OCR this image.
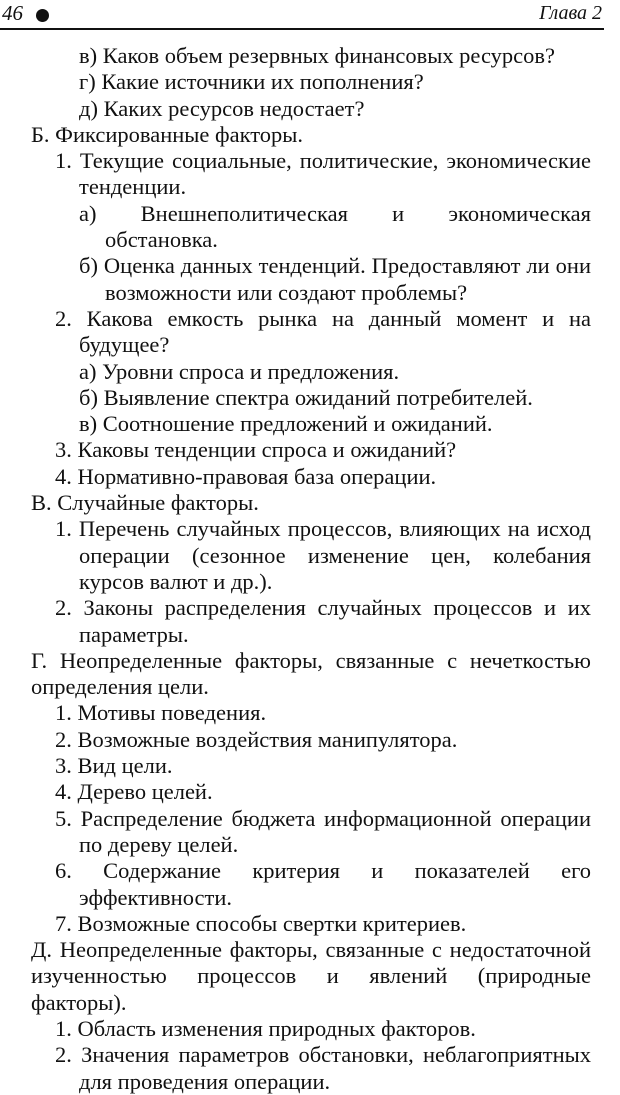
46	Глава 2
в) Каков объем резервных финансовых ресурсов?
г) Какие источники их пополнения?
д) Каких ресурсов недостает?
Б. Фиксированные факторы.
1. Текущие социальные, политические, экономические тенденции.
а) Внешнеполитическая и экономическая обстановка.
б) Оценка данных тенденций. Предоставляют ли они возможности или создают проблемы?
2. Какова емкость рынка на данный момент и на будущее?
а) Уровни спроса и предложения.
б) Выявление спектра ожиданий потребителей.
в) Соотношение предложений и ожиданий.
3. Каковы тенденции спроса и ожиданий?
4. Нормативно-правовая база операции.
В. Случайные факторы.
1. Перечень случайных процессов, влияющих на исход операции (сезонное изменение цен, колебания курсов валют и др.).
2. Законы распределения случайных процессов и их параметры.
Г. Неопределенные факторы, связанные с нечеткостью определения цели.
1. Мотивы поведения.
2. Возможные воздействия манипулятора.
3. Вид цели.
4. Дерево целей.
5. Распределение бюджета информационной операции по дереву целей.
6. Содержание критерия и показателей его эффективности.
7. Возможные способы свертки критериев.
Д. Неопределенные факторы, связанные с недостаточной изученностью процессов и явлений (природные факторы).
1. Область изменения природных факторов.
2. Значения параметров обстановки, неблагоприятных для проведения операции.
